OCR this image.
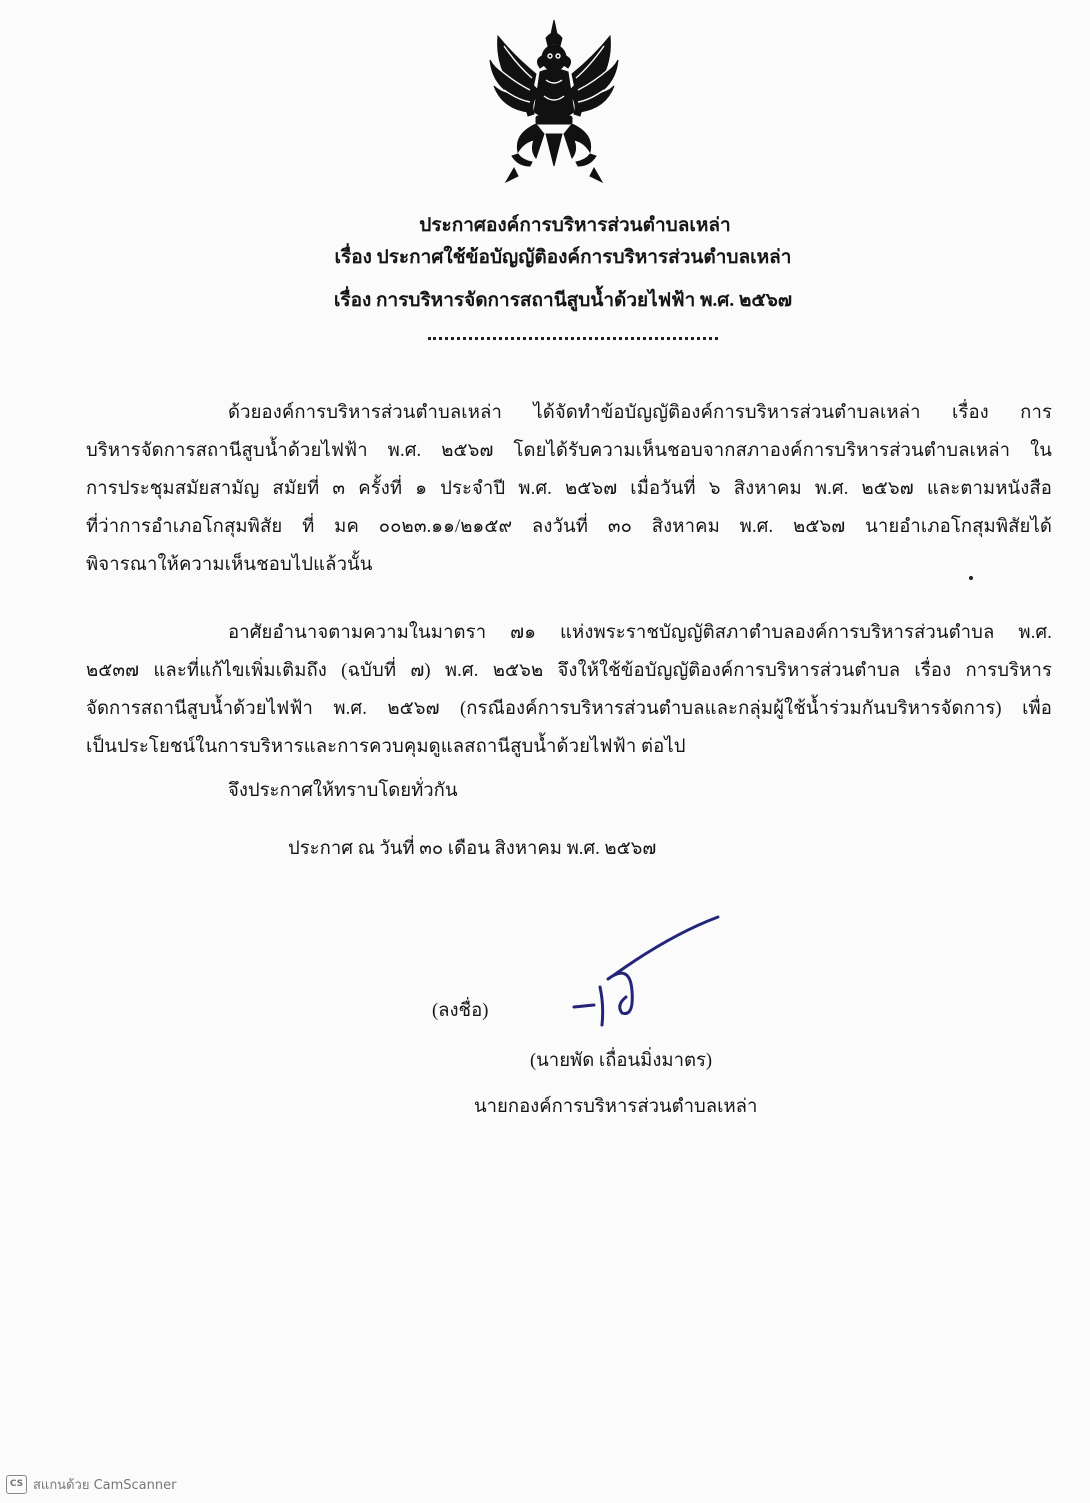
ประกาศองค์การบริหารส่วนตำบลเหล่า
เรื่อง ประกาศใช้ข้อบัญญัติองค์การบริหารส่วนตำบลเหล่า
เรื่อง การบริหารจัดการสถานีสูบน้ำด้วยไฟฟ้า พ.ศ. ๒๕๖๗
ด้วยองค์การบริหารส่วนตำบลเหล่า ได้จัดทำข้อบัญญัติองค์การบริหารส่วนตำบลเหล่า เรื่อง การ
บริหารจัดการสถานีสูบน้ำด้วยไฟฟ้า พ.ศ. ๒๕๖๗ โดยได้รับความเห็นชอบจากสภาองค์การบริหารส่วนตำบลเหล่า ใน
การประชุมสมัยสามัญ สมัยที่ ๓ ครั้งที่ ๑ ประจำปี พ.ศ. ๒๕๖๗ เมื่อวันที่ ๖ สิงหาคม พ.ศ. ๒๕๖๗ และตามหนังสือ
ที่ว่าการอำเภอโกสุมพิสัย ที่ มค ๐๐๒๓.๑๑/๒๑๕๙ ลงวันที่ ๓๐ สิงหาคม พ.ศ. ๒๕๖๗ นายอำเภอโกสุมพิสัยได้
พิจารณาให้ความเห็นชอบไปแล้วนั้น
อาศัยอำนาจตามความในมาตรา ๗๑ แห่งพระราชบัญญัติสภาตำบลองค์การบริหารส่วนตำบล พ.ศ.
๒๕๓๗ และที่แก้ไขเพิ่มเติมถึง (ฉบับที่ ๗) พ.ศ. ๒๕๖๒ จึงให้ใช้ข้อบัญญัติองค์การบริหารส่วนตำบล เรื่อง การบริหาร
จัดการสถานีสูบน้ำด้วยไฟฟ้า พ.ศ. ๒๕๖๗ (กรณีองค์การบริหารส่วนตำบลและกลุ่มผู้ใช้น้ำร่วมกันบริหารจัดการ) เพื่อ
เป็นประโยชน์ในการบริหารและการควบคุมดูแลสถานีสูบน้ำด้วยไฟฟ้า ต่อไป
จึงประกาศให้ทราบโดยทั่วกัน
ประกาศ ณ วันที่ ๓๐ เดือน สิงหาคม พ.ศ. ๒๕๖๗
(ลงชื่อ)
(นายพัด เถื่อนมิ่งมาตร)
นายกองค์การบริหารส่วนตำบลเหล่า
CS สแกนด้วย CamScanner
